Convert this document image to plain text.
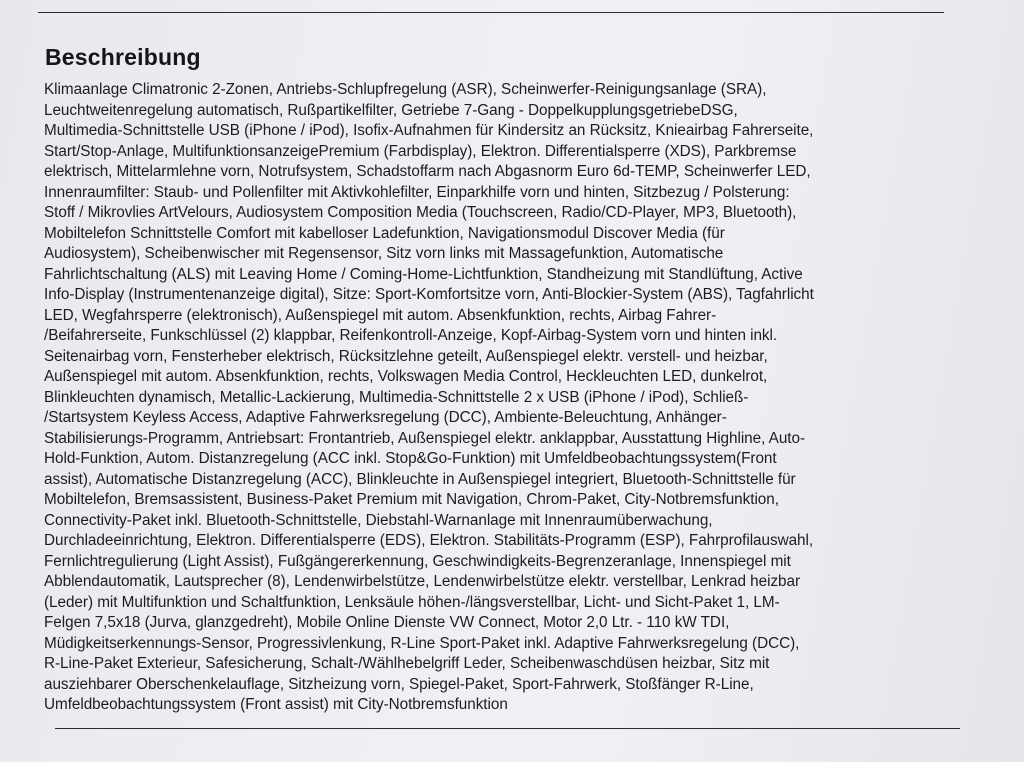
Beschreibung
Klimaanlage Climatronic 2-Zonen, Antriebs-Schlupfregelung (ASR), Scheinwerfer-Reinigungsanlage (SRA),
Leuchtweitenregelung automatisch, Rußpartikelfilter, Getriebe 7-Gang - DoppelkupplungsgetriebeDSG,
Multimedia-Schnittstelle USB (iPhone / iPod), Isofix-Aufnahmen für Kindersitz an Rücksitz, Knieairbag Fahrerseite,
Start/Stop-Anlage, MultifunktionsanzeigePremium (Farbdisplay), Elektron. Differentialsperre (XDS), Parkbremse
elektrisch, Mittelarmlehne vorn, Notrufsystem, Schadstoffarm nach Abgasnorm Euro 6d-TEMP, Scheinwerfer LED,
Innenraumfilter: Staub- und Pollenfilter mit Aktivkohlefilter, Einparkhilfe vorn und hinten, Sitzbezug / Polsterung:
Stoff / Mikrovlies ArtVelours, Audiosystem Composition Media (Touchscreen, Radio/CD-Player, MP3, Bluetooth),
Mobiltelefon Schnittstelle Comfort mit kabelloser Ladefunktion, Navigationsmodul Discover Media (für
Audiosystem), Scheibenwischer mit Regensensor, Sitz vorn links mit Massagefunktion, Automatische
Fahrlichtschaltung (ALS) mit Leaving Home / Coming-Home-Lichtfunktion, Standheizung mit Standlüftung, Active
Info-Display (Instrumentenanzeige digital), Sitze: Sport-Komfortsitze vorn, Anti-Blockier-System (ABS), Tagfahrlicht
LED, Wegfahrsperre (elektronisch), Außenspiegel mit autom. Absenkfunktion, rechts, Airbag Fahrer-
/Beifahrerseite, Funkschlüssel (2) klappbar, Reifenkontroll-Anzeige, Kopf-Airbag-System vorn und hinten inkl.
Seitenairbag vorn, Fensterheber elektrisch, Rücksitzlehne geteilt, Außenspiegel elektr. verstell- und heizbar,
Außenspiegel mit autom. Absenkfunktion, rechts, Volkswagen Media Control, Heckleuchten LED, dunkelrot,
Blinkleuchten dynamisch, Metallic-Lackierung, Multimedia-Schnittstelle 2 x USB (iPhone / iPod), Schließ-
/Startsystem Keyless Access, Adaptive Fahrwerksregelung (DCC), Ambiente-Beleuchtung, Anhänger-
Stabilisierungs-Programm, Antriebsart: Frontantrieb, Außenspiegel elektr. anklappbar, Ausstattung Highline, Auto-
Hold-Funktion, Autom. Distanzregelung (ACC inkl. Stop&Go-Funktion) mit Umfeldbeobachtungssystem(Front
assist), Automatische Distanzregelung (ACC), Blinkleuchte in Außenspiegel integriert, Bluetooth-Schnittstelle für
Mobiltelefon, Bremsassistent, Business-Paket Premium mit Navigation, Chrom-Paket, City-Notbremsfunktion,
Connectivity-Paket inkl. Bluetooth-Schnittstelle, Diebstahl-Warnanlage mit Innenraumüberwachung,
Durchladeeinrichtung, Elektron. Differentialsperre (EDS), Elektron. Stabilitäts-Programm (ESP), Fahrprofilauswahl,
Fernlichtregulierung (Light Assist), Fußgängererkennung, Geschwindigkeits-Begrenzeranlage, Innenspiegel mit
Abblendautomatik, Lautsprecher (8), Lendenwirbelstütze, Lendenwirbelstütze elektr. verstellbar, Lenkrad heizbar
(Leder) mit Multifunktion und Schaltfunktion, Lenksäule höhen-/längsverstellbar, Licht- und Sicht-Paket 1, LM-
Felgen 7,5x18 (Jurva, glanzgedreht), Mobile Online Dienste VW Connect, Motor 2,0 Ltr. - 110 kW TDI,
Müdigkeitserkennungs-Sensor, Progressivlenkung, R-Line Sport-Paket inkl. Adaptive Fahrwerksregelung (DCC),
R-Line-Paket Exterieur, Safesicherung, Schalt-/Wählhebelgriff Leder, Scheibenwaschdüsen heizbar, Sitz mit
ausziehbarer Oberschenkelauflage, Sitzheizung vorn, Spiegel-Paket, Sport-Fahrwerk, Stoßfänger R-Line,
Umfeldbeobachtungssystem (Front assist) mit City-Notbremsfunktion
